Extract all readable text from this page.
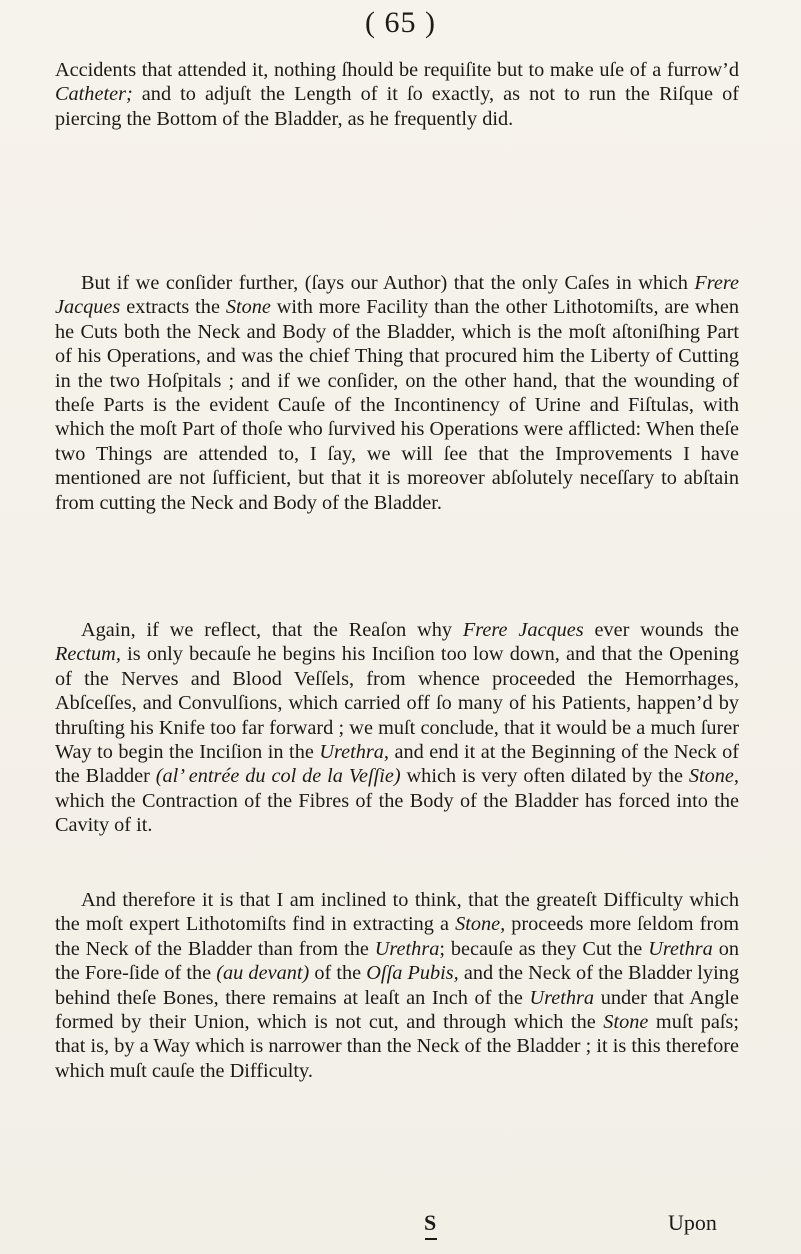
( 65 )
Accidents that attended it, nothing ſhould be requiſite but to make uſe of a furrow’d Catheter; and to adjuſt the Length of it ſo exactly, as not to run the Riſque of piercing the Bottom of the Bladder, as he frequently did.
But if we conſider further, (ſays our Author) that the only Caſes in which Frere Jacques extracts the Stone with more Facility than the other Lithotomiſts, are when he Cuts both the Neck and Body of the Bladder, which is the moſt aſtoniſhing Part of his Operations, and was the chief Thing that procured him the Liberty of Cutting in the two Hoſpitals ; and if we conſider, on the other hand, that the wounding of theſe Parts is the evident Cauſe of the Incontinency of Urine and Fiſtulas, with which the moſt Part of thoſe who ſurvived his Operations were afflicted: When theſe two Things are attended to, I ſay, we will ſee that the Improvements I have mentioned are not ſufficient, but that it is moreover abſolutely neceſſary to abſtain from cutting the Neck and Body of the Bladder.
Again, if we reflect, that the Reaſon why Frere Jacques ever wounds the Rectum, is only becauſe he begins his Inciſion too low down, and that the Opening of the Nerves and Blood Veſſels, from whence proceeded the Hemorrhages, Abſceſſes, and Convulſions, which carried off ſo many of his Patients, happen’d by thruſting his Knife too far forward ; we muſt conclude, that it would be a much ſurer Way to begin the Inciſion in the Urethra, and end it at the Beginning of the Neck of the Bladder (al’ entrée du col de la Veſſie) which is very often dilated by the Stone, which the Contraction of the Fibres of the Body of the Bladder has forced into the Cavity of it.
And therefore it is that I am inclined to think, that the greateſt Difficulty which the moſt expert Lithotomiſts find in extracting a Stone, proceeds more ſeldom from the Neck of the Bladder than from the Urethra; becauſe as they Cut the Urethra on the Fore-ſide of the (au devant) of the Oſſa Pubis, and the Neck of the Bladder lying behind theſe Bones, there remains at leaſt an Inch of the Urethra under that Angle formed by their Union, which is not cut, and through which the Stone muſt paſs; that is, by a Way which is narrower than the Neck of the Bladder ; it is this therefore which muſt cauſe the Difficulty.
S	Upon
